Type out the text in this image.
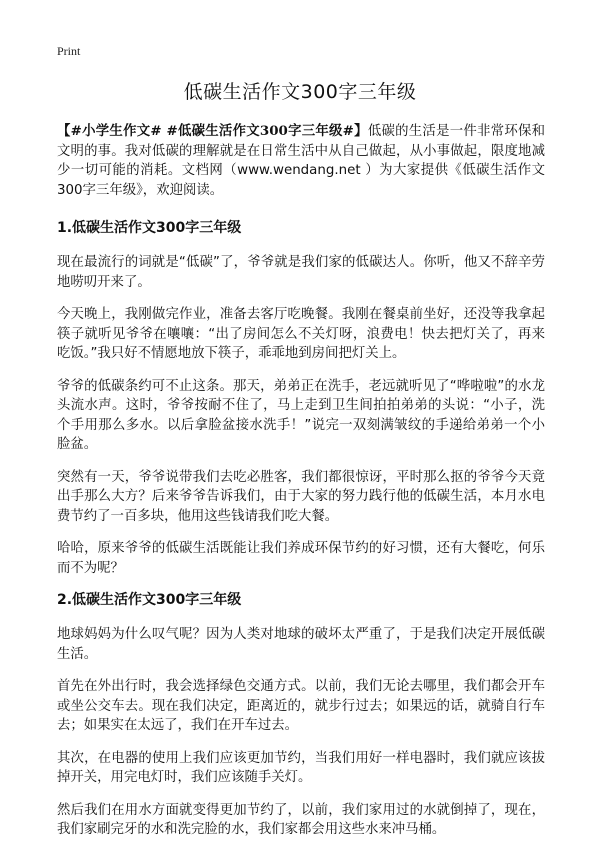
Print
低碳生活作文300字三年级

【#小学生作文# #低碳生活作文300字三年级#】低碳的生活是一件非常环保和文明的事。我对低碳的理解就是在日常生活中从自己做起，从小事做起，限度地减少一切可能的消耗。文档网（www.wendang.net ）为大家提供《低碳生活作文300字三年级》，欢迎阅读。

1.低碳生活作文300字三年级

现在最流行的词就是“低碳”了，爷爷就是我们家的低碳达人。你听，他又不辞辛劳地唠叨开来了。

今天晚上，我刚做完作业，准备去客厅吃晚餐。我刚在餐桌前坐好，还没等我拿起筷子就听见爷爷在嚷嚷：“出了房间怎么不关灯呀，浪费电！快去把灯关了，再来吃饭。”我只好不情愿地放下筷子，乖乖地到房间把灯关上。

爷爷的低碳条约可不止这条。那天，弟弟正在洗手，老远就听见了“哗啦啦”的水龙头流水声。这时，爷爷按耐不住了，马上走到卫生间拍拍弟弟的头说：“小子，洗个手用那么多水。以后拿脸盆接水洗手！”说完一双刻满皱纹的手递给弟弟一个小脸盆。

突然有一天，爷爷说带我们去吃必胜客，我们都很惊讶，平时那么抠的爷爷今天竟出手那么大方？后来爷爷告诉我们，由于大家的努力践行他的低碳生活，本月水电费节约了一百多块，他用这些钱请我们吃大餐。

哈哈，原来爷爷的低碳生活既能让我们养成环保节约的好习惯，还有大餐吃，何乐而不为呢？

2.低碳生活作文300字三年级

地球妈妈为什么叹气呢？因为人类对地球的破坏太严重了，于是我们决定开展低碳生活。

首先在外出行时，我会选择绿色交通方式。以前，我们无论去哪里，我们都会开车或坐公交车去。现在我们决定，距离近的，就步行过去；如果远的话，就骑自行车去；如果实在太远了，我们在开车过去。

其次，在电器的使用上我们应该更加节约，当我们用好一样电器时，我们就应该拔掉开关，用完电灯时，我们应该随手关灯。

然后我们在用水方面就变得更加节约了，以前，我们家用过的水就倒掉了，现在，我们家刷完牙的水和洗完脸的水，我们家都会用这些水来冲马桶。
